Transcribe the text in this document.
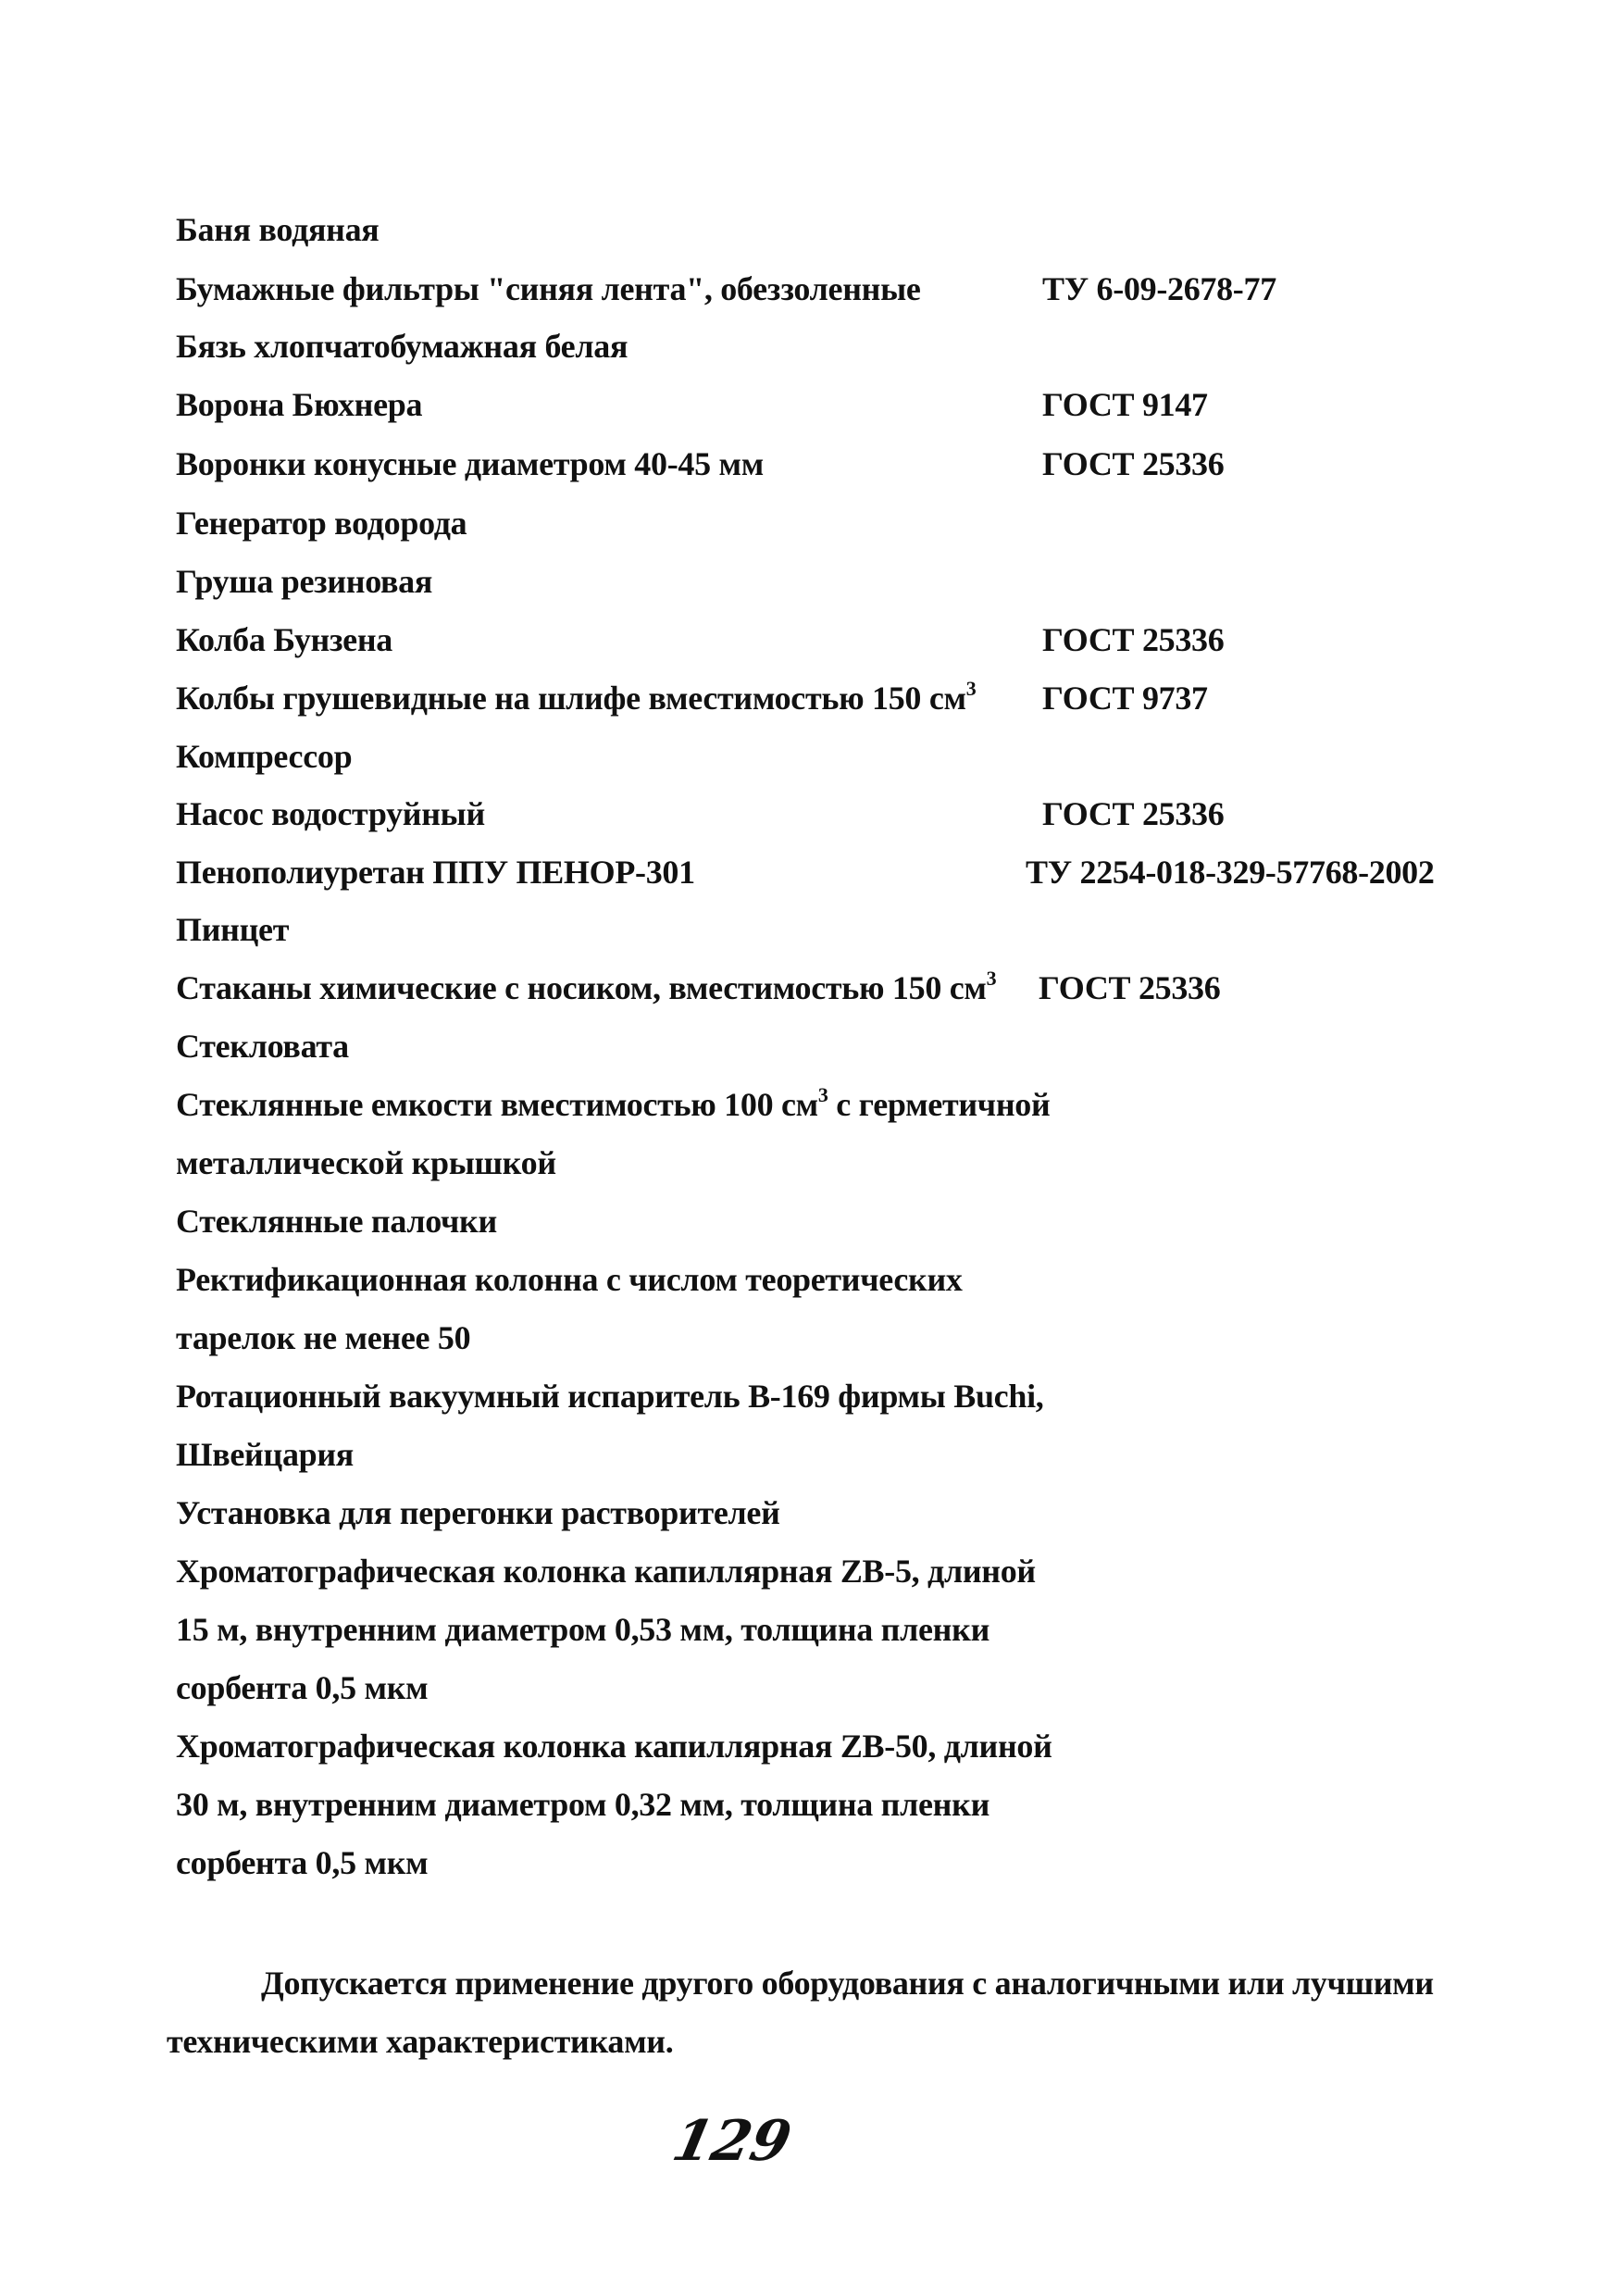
Баня водяная
Бумажные фильтры "синяя лента", обеззоленные	ТУ 6-09-2678-77
Бязь хлопчатобумажная белая
Ворона Бюхнера	ГОСТ 9147
Воронки конусные диаметром 40-45 мм	ГОСТ 25336
Генератор водорода
Груша резиновая
Колба Бунзена	ГОСТ 25336
Колбы грушевидные на шлифе вместимостью 150 $см^3$ ГОСТ 9737
Компрессор
Насос водоструйный	ГОСТ 25336
Пенополиуретан ППУ ПЕНОР-301	ТУ 2254-018-329-57768-2002
Пинцет
Стаканы химические с носиком, вместимостью 150 $см^3$ ГОСТ 25336
Стекловата
Стеклянные емкости вместимостью 100 $см^3$ с герметичной
металлической крышкой
Стеклянные палочки
Ректификационная колонна с числом теоретических
тарелок не менее 50
Ротационный вакуумный испаритель В-169 фирмы Buchi,
Швейцария
Установка для перегонки растворителей
Хроматографическая колонка капиллярная ZB-5, длиной
15 м, внутренним диаметром 0,53 мм, толщина пленки
сорбента 0,5 мкм
Хроматографическая колонка капиллярная ZB-50, длиной
30 м, внутренним диаметром 0,32 мм, толщина пленки
сорбента 0,5 мкм
Допускается применение другого оборудования с аналогичными или лучшими
техническими характеристиками.
129
